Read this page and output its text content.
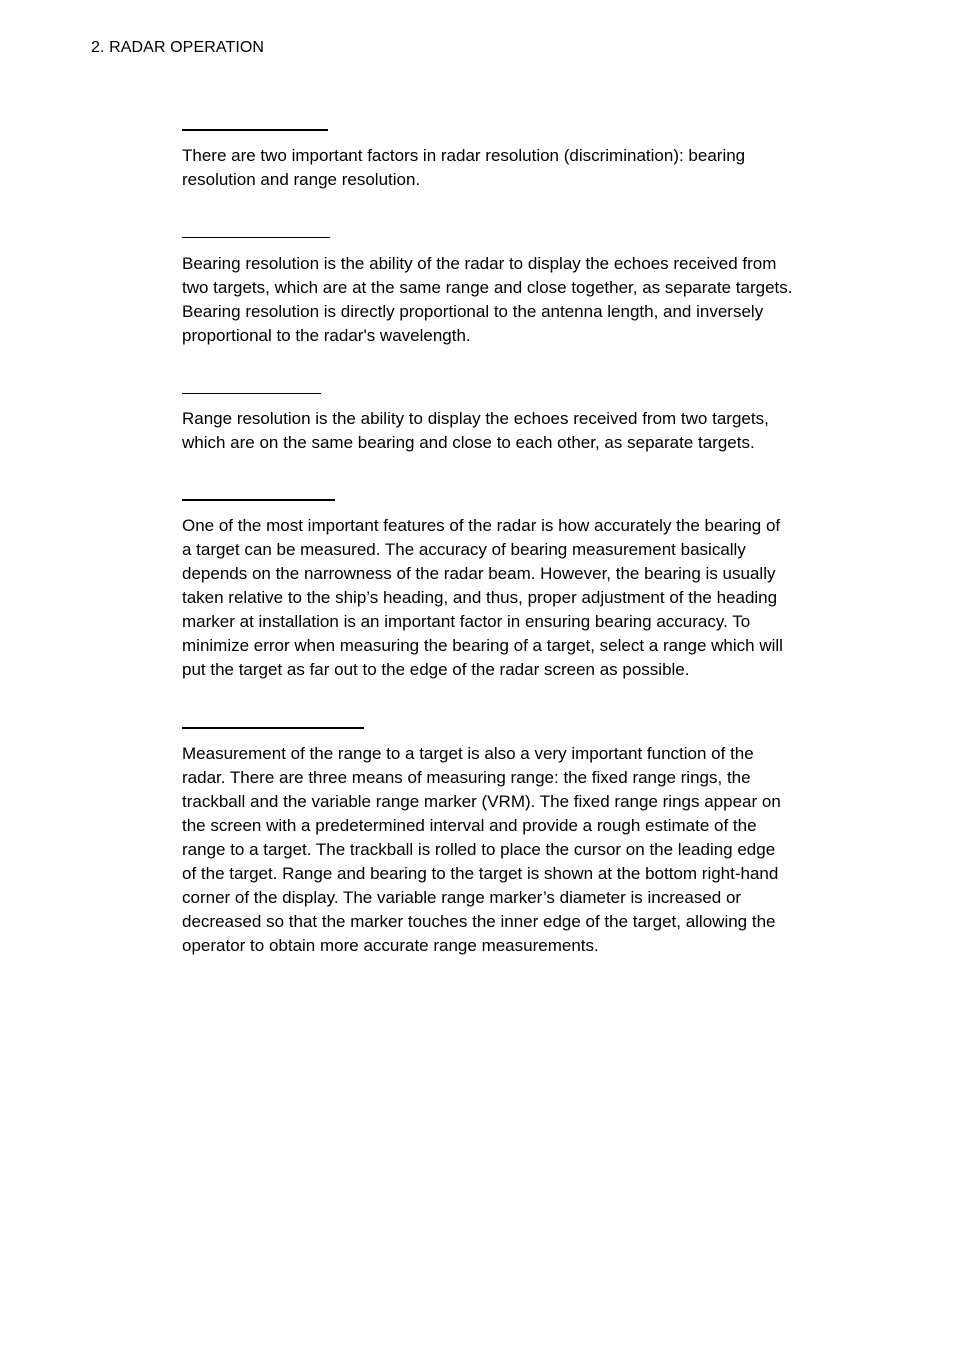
2. RADAR OPERATION

There are two important factors in radar resolution (discrimination): bearing
resolution and range resolution.

Bearing resolution is the ability of the radar to display the echoes received from
two targets, which are at the same range and close together, as separate targets.
Bearing resolution is directly proportional to the antenna length, and inversely
proportional to the radar's wavelength.

Range resolution is the ability to display the echoes received from two targets,
which are on the same bearing and close to each other, as separate targets.

One of the most important features of the radar is how accurately the bearing of
a target can be measured. The accuracy of bearing measurement basically
depends on the narrowness of the radar beam. However, the bearing is usually
taken relative to the ship’s heading, and thus, proper adjustment of the heading
marker at installation is an important factor in ensuring bearing accuracy. To
minimize error when measuring the bearing of a target, select a range which will
put the target as far out to the edge of the radar screen as possible.

Measurement of the range to a target is also a very important function of the
radar. There are three means of measuring range: the fixed range rings, the
trackball and the variable range marker (VRM). The fixed range rings appear on
the screen with a predetermined interval and provide a rough estimate of the
range to a target. The trackball is rolled to place the cursor on the leading edge
of the target. Range and bearing to the target is shown at the bottom right-hand
corner of the display. The variable range marker’s diameter is increased or
decreased so that the marker touches the inner edge of the target, allowing the
operator to obtain more accurate range measurements.
